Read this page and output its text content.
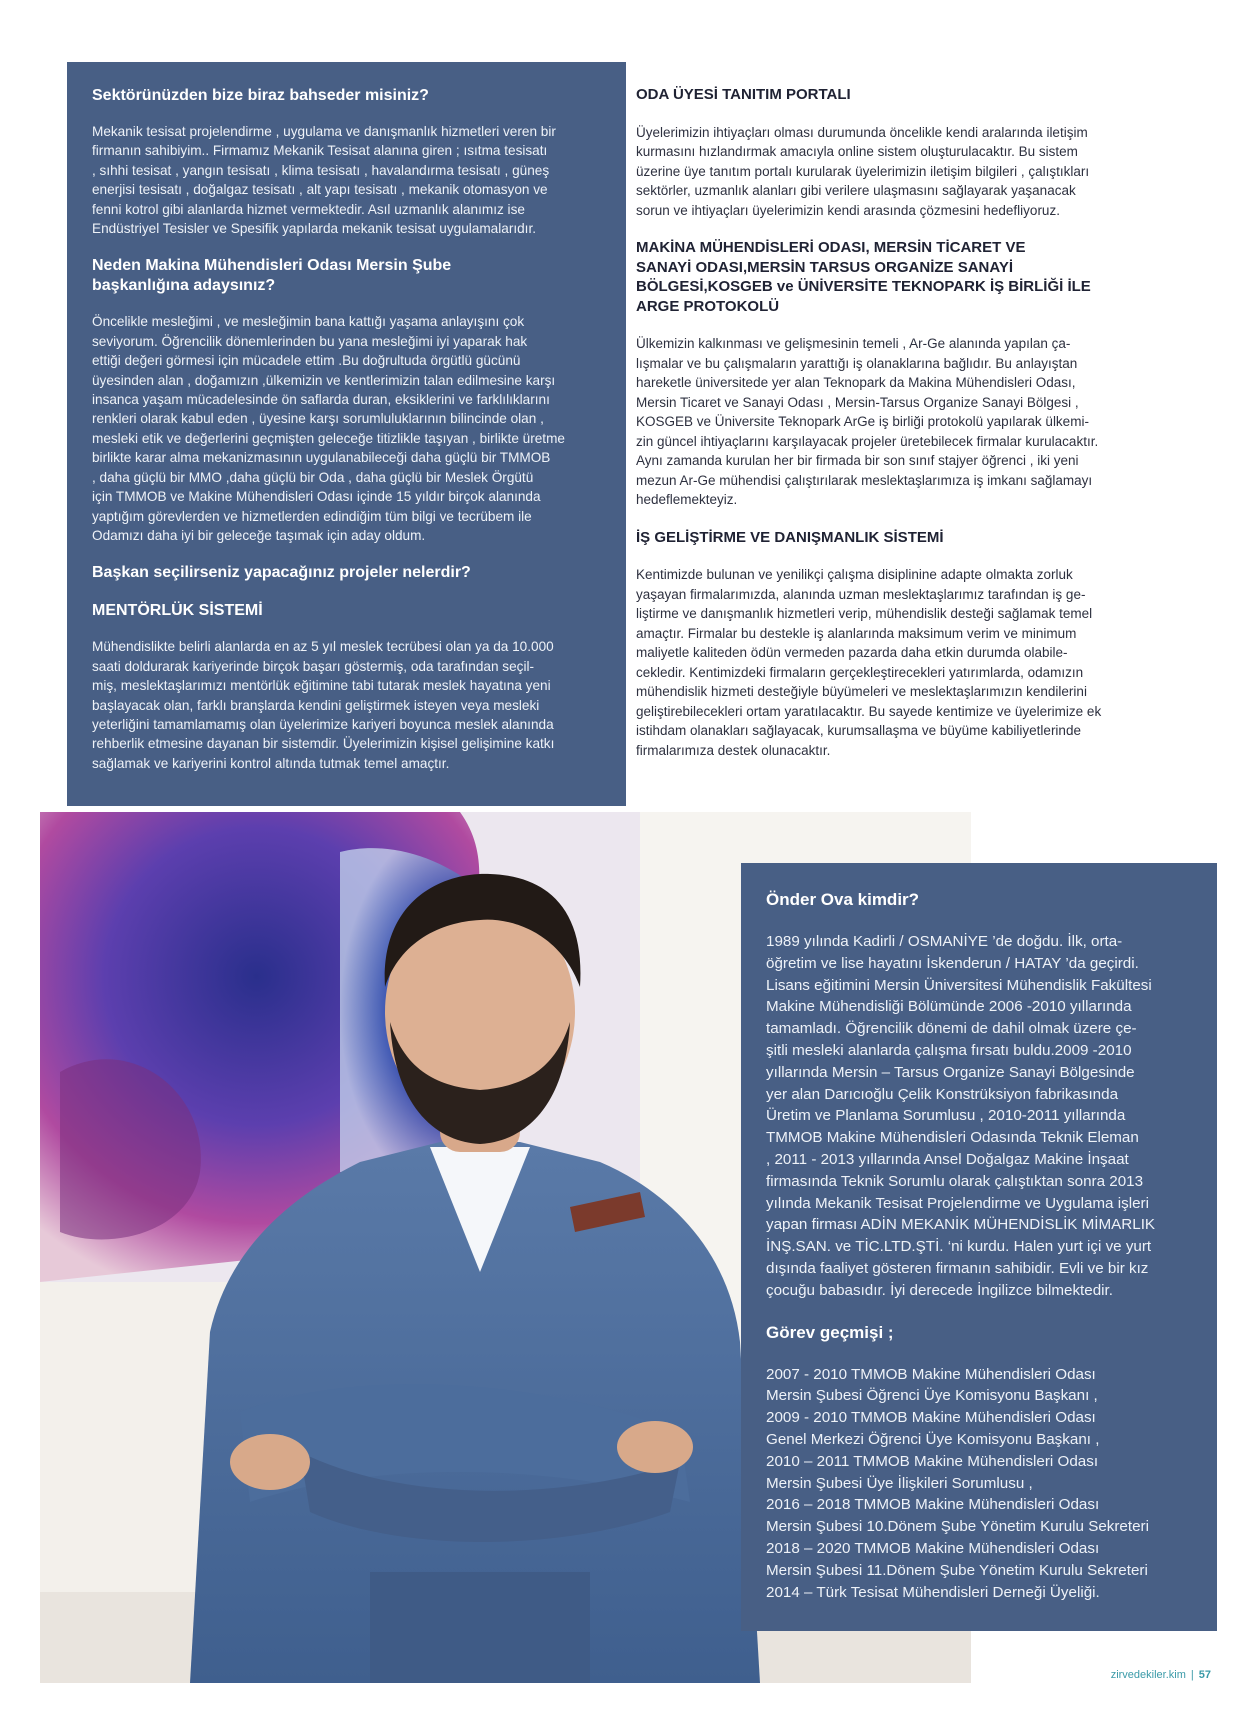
Sektörünüzden bize biraz bahseder misiniz?

Mekanik tesisat projelendirme , uygulama ve danışmanlık hizmetleri veren bir
firmanın sahibiyim.. Firmamız Mekanik Tesisat alanına giren ; ısıtma tesisatı
, sıhhi tesisat , yangın tesisatı , klima tesisatı , havalandırma tesisatı , güneş
enerjisi tesisatı , doğalgaz tesisatı , alt yapı tesisatı , mekanik otomasyon ve
fenni kotrol gibi alanlarda hizmet vermektedir. Asıl uzmanlık alanımız ise
Endüstriyel Tesisler ve Spesifik yapılarda mekanik tesisat uygulamalarıdır.

Neden Makina Mühendisleri Odası Mersin Şube
başkanlığına adaysınız?

Öncelikle mesleğimi , ve mesleğimin bana kattığı yaşama anlayışını çok
seviyorum. Öğrencilik dönemlerinden bu yana mesleğimi iyi yaparak hak
ettiği değeri görmesi için mücadele ettim .Bu doğrultuda örgütlü gücünü
üyesinden alan , doğamızın ,ülkemizin ve kentlerimizin talan edilmesine karşı
insanca yaşam mücadelesinde ön saflarda duran, eksiklerini ve farklılıklarını
renkleri olarak kabul eden , üyesine karşı sorumluluklarının bilincinde olan ,
mesleki etik ve değerlerini geçmişten geleceğe titizlikle taşıyan , birlikte üretme
birlikte karar alma mekanizmasının uygulanabileceği daha güçlü bir TMMOB
, daha güçlü bir MMO ,daha güçlü bir Oda , daha güçlü bir Meslek Örgütü
için TMMOB ve Makine Mühendisleri Odası içinde 15 yıldır birçok alanında
yaptığım görevlerden ve hizmetlerden edindiğim tüm bilgi ve tecrübem ile
Odamızı daha iyi bir geleceğe taşımak için aday oldum.

Başkan seçilirseniz yapacağınız projeler nelerdir?
MENTÖRLÜK SİSTEMİ

Mühendislikte belirli alanlarda en az 5 yıl meslek tecrübesi olan ya da 10.000
saati doldurarak kariyerinde birçok başarı göstermiş, oda tarafından seçil-
miş, meslektaşlarımızı mentörlük eğitimine tabi tutarak meslek hayatına yeni
başlayacak olan, farklı branşlarda kendini geliştirmek isteyen veya mesleki
yeterliğini tamamlamamış olan üyelerimize kariyeri boyunca meslek alanında
rehberlik etmesine dayanan bir sistemdir. Üyelerimizin kişisel gelişimine katkı
sağlamak ve kariyerini kontrol altında tutmak temel amaçtır.

ODA ÜYESİ TANITIM PORTALI

Üyelerimizin ihtiyaçları olması durumunda öncelikle kendi aralarında iletişim
kurmasını hızlandırmak amacıyla online sistem oluşturulacaktır. Bu sistem
üzerine üye tanıtım portalı kurularak üyelerimizin iletişim bilgileri , çalıştıkları
sektörler, uzmanlık alanları gibi verilere ulaşmasını sağlayarak yaşanacak
sorun ve ihtiyaçları üyelerimizin kendi arasında çözmesini hedefliyoruz.

MAKİNA MÜHENDİSLERİ ODASI, MERSİN TİCARET VE
SANAYİ ODASI,MERSİN TARSUS ORGANİZE SANAYİ
BÖLGESİ,KOSGEB ve ÜNİVERSİTE TEKNOPARK İŞ BİRLİĞİ İLE
ARGE PROTOKOLÜ

Ülkemizin kalkınması ve gelişmesinin temeli , Ar-Ge alanında yapılan ça-
lışmalar ve bu çalışmaların yarattığı iş olanaklarına bağlıdır. Bu anlayıştan
hareketle üniversitede yer alan Teknopark da Makina Mühendisleri Odası,
Mersin Ticaret ve Sanayi Odası , Mersin-Tarsus Organize Sanayi Bölgesi ,
KOSGEB ve Üniversite Teknopark ArGe iş birliği protokolü yapılarak ülkemi-
zin güncel ihtiyaçlarını karşılayacak projeler üretebilecek firmalar kurulacaktır.
Aynı zamanda kurulan her bir firmada bir son sınıf stajyer öğrenci , iki yeni
mezun Ar-Ge mühendisi çalıştırılarak meslektaşlarımıza iş imkanı sağlamayı
hedeflemekteyiz.

İŞ GELİŞTİRME VE DANIŞMANLIK SİSTEMİ

Kentimizde bulunan ve yenilikçi çalışma disiplinine adapte olmakta zorluk
yaşayan firmalarımızda, alanında uzman meslektaşlarımız tarafından iş ge-
liştirme ve danışmanlık hizmetleri verip, mühendislik desteği sağlamak temel
amaçtır. Firmalar bu destekle iş alanlarında maksimum verim ve minimum
maliyetle kaliteden ödün vermeden pazarda daha etkin durumda olabile-
cekledir. Kentimizdeki firmaların gerçekleştirecekleri yatırımlarda, odamızın
mühendislik hizmeti desteğiyle büyümeleri ve meslektaşlarımızın kendilerini
geliştirebilecekleri ortam yaratılacaktır. Bu sayede kentimize ve üyelerimize ek
istihdam olanakları sağlayacak, kurumsallaşma ve büyüme kabiliyetlerinde
firmalarımıza destek olunacaktır.

Önder Ova kimdir?

1989 yılında Kadirli / OSMANİYE ’de doğdu. İlk, orta-
öğretim ve lise hayatını İskenderun / HATAY ’da geçirdi.
Lisans eğitimini Mersin Üniversitesi Mühendislik Fakültesi
Makine Mühendisliği Bölümünde 2006 -2010 yıllarında
tamamladı. Öğrencilik dönemi de dahil olmak üzere çe-
şitli mesleki alanlarda çalışma fırsatı buldu.2009 -2010
yıllarında Mersin – Tarsus Organize Sanayi Bölgesinde
yer alan Darıcıoğlu Çelik Konstrüksiyon fabrikasında
Üretim ve Planlama Sorumlusu , 2010-2011 yıllarında
TMMOB Makine Mühendisleri Odasında Teknik Eleman
, 2011 - 2013 yıllarında Ansel Doğalgaz Makine İnşaat
firmasında Teknik Sorumlu olarak çalıştıktan sonra 2013
yılında Mekanik Tesisat Projelendirme ve Uygulama işleri
yapan firması ADİN MEKANİK MÜHENDİSLİK MİMARLIK
İNŞ.SAN. ve TİC.LTD.ŞTİ. ‘ni kurdu. Halen yurt içi ve yurt
dışında faaliyet gösteren firmanın sahibidir. Evli ve bir kız
çocuğu babasıdır. İyi derecede İngilizce bilmektedir.

Görev geçmişi ;

2007 - 2010 TMMOB Makine Mühendisleri Odası
Mersin Şubesi Öğrenci Üye Komisyonu Başkanı ,
2009 - 2010 TMMOB Makine Mühendisleri Odası
Genel Merkezi Öğrenci Üye Komisyonu Başkanı ,
2010 – 2011 TMMOB Makine Mühendisleri Odası
Mersin Şubesi Üye İlişkileri Sorumlusu ,
2016 – 2018 TMMOB Makine Mühendisleri Odası
Mersin Şubesi 10.Dönem Şube Yönetim Kurulu Sekreteri
2018 – 2020 TMMOB Makine Mühendisleri Odası
Mersin Şubesi 11.Dönem Şube Yönetim Kurulu Sekreteri
2014 – Türk Tesisat Mühendisleri Derneği Üyeliği.

zirvedekiler.kim | 57
